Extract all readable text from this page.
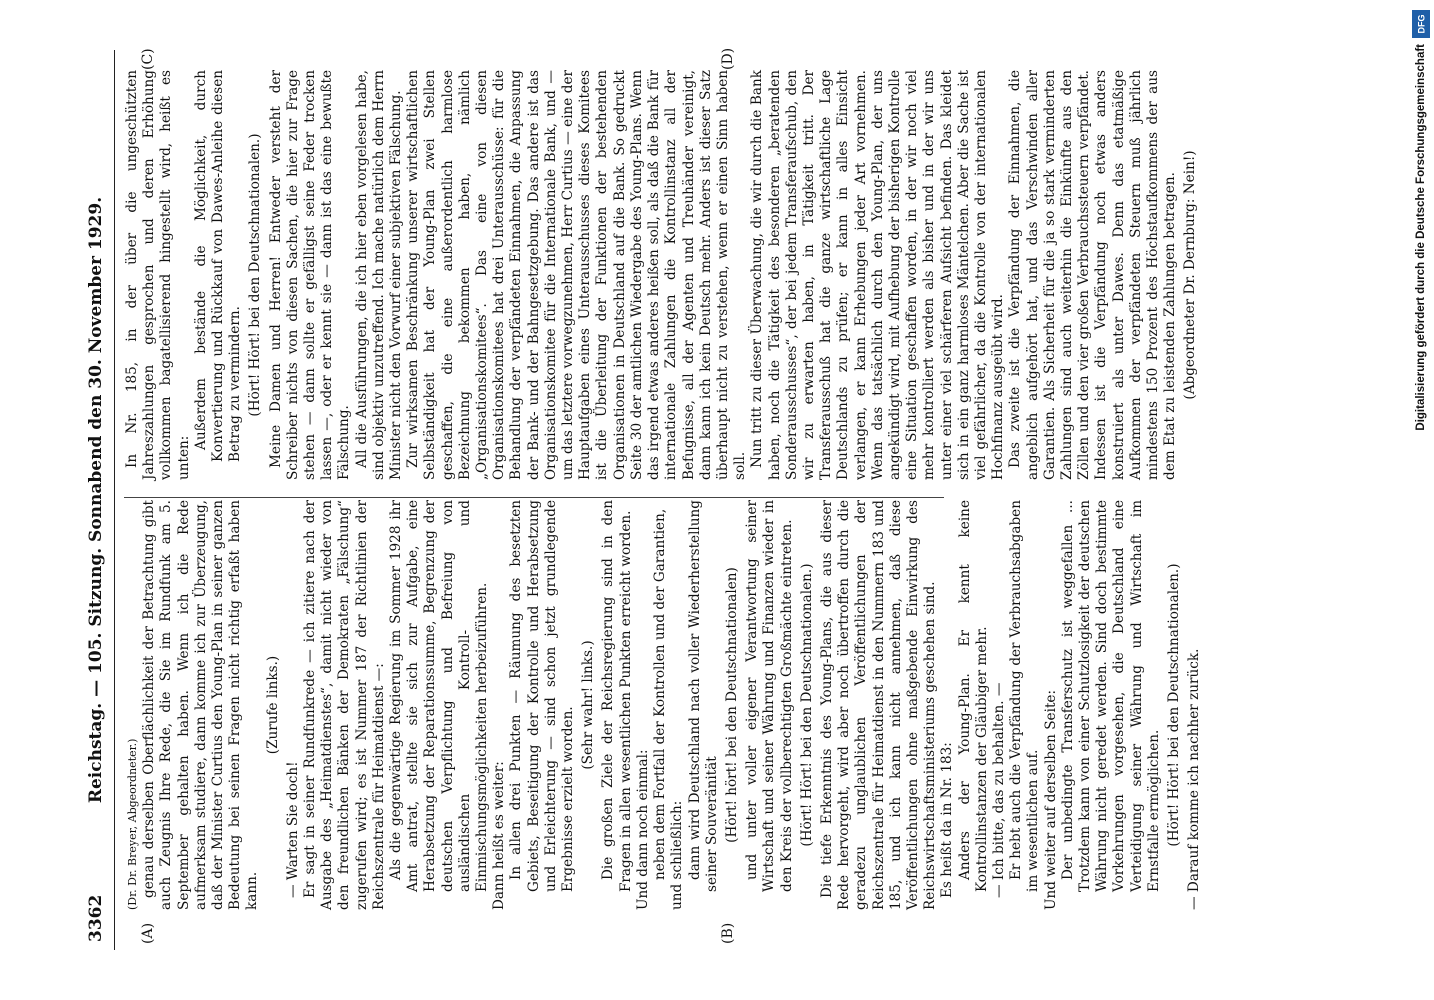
3362
Reichstag. — 105. Sitzung. Sonnabend den 30. November 1929.
(A)	(B)
(C)	(D)

(Dr. Dr. Breyer, Abgeordneter.) genau derselben Oberflächlichkeit der Betrachtung gibt auch Zeugnis Ihre Rede, die Sie im Rundfunk am 5. September gehalten haben. Wenn ich die Rede aufmerksam studiere, dann komme ich zur Überzeugung, daß der Minister Curtius den Young-Plan in seiner ganzen Bedeutung bei seinen Fragen nicht richtig erfaßt haben kann.

(Zurufe links.)

— Warten Sie doch! Er sagt in seiner Rundfunkrede — ich zitiere nach der Ausgabe des „Heimatdienstes“, damit nicht wieder von den freundlichen Bänken der Demokraten „Fälschung“ zugerufen wird; es ist Nummer 187 der Richtlinien der Reichszentrale für Heimatdienst —: Als die gegenwärtige Regierung im Sommer 1928 ihr Amt antrat, stellte sie sich zur Aufgabe, eine Herabsetzung der Reparationssumme, Begrenzung der deutschen Verpflichtung und Befreiung von ausländischen Kontroll- und Einmischungsmöglichkeiten herbeizuführen. Dann heißt es weiter: In allen drei Punkten — Räumung des besetzten Gebiets, Beseitigung der Kontrolle und Herabsetzung und Erleichterung — sind schon jetzt grundlegende Ergebnisse erzielt worden.

(Sehr wahr! links.) Die großen Ziele der Reichsregierung sind in den Fragen in allen wesentlichen Punkten erreicht worden. Und dann noch einmal: neben dem Fortfall der Kontrollen und der Garantien, und schließlich: dann wird Deutschland nach voller Wiederherstellung seiner Souveränität (Hört! hört! bei den Deutschnationalen) und unter voller eigener Verantwortung seiner Wirtschaft und seiner Währung und Finanzen wieder in den Kreis der vollberechtigten Großmächte eintreten. (Hört! Hört! bei den Deutschnationalen.) Die tiefe Erkenntnis des Young-Plans, die aus dieser Rede hervorgeht, wird aber noch übertroffen durch die geradezu unglaublichen Veröffentlichungen der Reichszentrale für Heimatdienst in den Nummern 183 und 185, und ich kann nicht annehmen, daß diese Veröffentlichungen ohne maßgebende Einwirkung des Reichswirtschaftsministeriums geschehen sind. Es heißt da in Nr. 183: Anders der Young-Plan. Er kennt keine Kontrollinstanzen der Gläubiger mehr. — Ich bitte, das zu behalten. — Er hebt auch die Verpfändung der Verbrauchsabgaben im wesentlichen auf. Und weiter auf derselben Seite: Der unbedingte Transferschutz ist weggefallen ... Trotzdem kann von einer Schutzlosigkeit der deutschen Währung nicht geredet werden. Sind doch bestimmte Vorkehrungen vorgesehen, die Deutschland eine Verteidigung seiner Währung und Wirtschaft im Ernstfalle ermöglichen. (Hört! Hört! bei den Deutschnationalen.) — Darauf komme ich nachher zurück.

In Nr. 185, in der über die ungeschützten Jahreszahlungen gesprochen und deren Erhöhung vollkommen bagatellisierend hingestellt wird, heißt es unten:

Außerdem bestände die Möglichkeit, durch Konvertierung und Rückkauf von Dawes-Anleihe diesen Betrag zu vermindern. (Hört! Hört! bei den Deutschnationalen.) Meine Damen und Herren! Entweder versteht der Schreiber nichts von diesen Sachen, die hier zur Frage stehen — dann sollte er gefälligst seine Feder trocken lassen —, oder er kennt sie — dann ist das eine bewußte Fälschung. All die Ausführungen, die ich hier eben vorgelesen habe, sind objektiv unzutreffend. Ich mache natürlich dem Herrn Minister nicht den Vorwurf einer subjektiven Fälschung. Zur wirksamen Beschränkung unserer wirtschaftlichen Selbständigkeit hat der Young-Plan zwei Stellen geschaffen, die eine außerordentlich harmlose Bezeichnung bekommen haben, nämlich „Organisationskomitees“. Das eine von diesen Organisationskomitees hat drei Unterausschüsse: für die Behandlung der verpfändeten Einnahmen, die Anpassung der Bank- und der Bahngesetzgebung. Das andere ist das Organisationskomitee für die Internationale Bank, und — um das letztere vorwegzunehmen, Herr Curtius — eine der Hauptaufgaben eines Unterausschusses dieses Komitees ist die Überleitung der Funktionen der bestehenden Organisationen in Deutschland auf die Bank. So gedruckt Seite 30 der amtlichen Wiedergabe des Young-Plans. Wenn das irgend etwas anderes heißen soll, als daß die Bank für internationale Zahlungen die Kontrollinstanz all der Befugnisse, all der Agenten und Treuhänder vereinigt, dann kann ich kein Deutsch mehr. Anders ist dieser Satz überhaupt nicht zu verstehen, wenn er einen Sinn haben soll. Nun tritt zu dieser Überwachung, die wir durch die Bank haben, noch die Tätigkeit des besonderen „beratenden Sonderausschusses“, der bei jedem Transferaufschub, den wir zu erwarten haben, in Tätigkeit tritt. Der Transferausschuß hat die ganze wirtschaftliche Lage Deutschlands zu prüfen; er kann in alles Einsicht verlangen, er kann Erhebungen jeder Art vornehmen. Wenn das tatsächlich durch den Young-Plan, der uns angekündigt wird, mit Aufhebung der bisherigen Kontrolle eine Situation geschaffen worden, in der wir noch viel mehr kontrolliert werden als bisher und in der wir uns unter einer viel schärferen Aufsicht befinden. Das kleidet sich in ein ganz harmloses Mäntelchen. Aber die Sache ist viel gefährlicher, da die Kontrolle von der internationalen Hochfinanz ausgeübt wird. Das zweite ist die Verpfändung der Einnahmen, die angeblich aufgehört hat, und das Verschwinden aller Garantien. Als Sicherheit für die ja so stark verminderten Zahlungen sind auch weiterhin die Einkünfte aus den Zöllen und den vier großen Verbrauchssteuern verpfändet. Indessen ist die Verpfändung noch etwas anders konstruiert als unter Dawes. Denn das etatmäßige Aufkommen der verpfändeten Steuern muß jährlich mindestens 150 Prozent des Höchstaufkommens der aus dem Etat zu leistenden Zahlungen betragen. (Abgeordneter Dr. Dernburg: Nein!)	Digitalisierung gefördert durch die Deutsche Forschungsgemeinschaft
DFG
